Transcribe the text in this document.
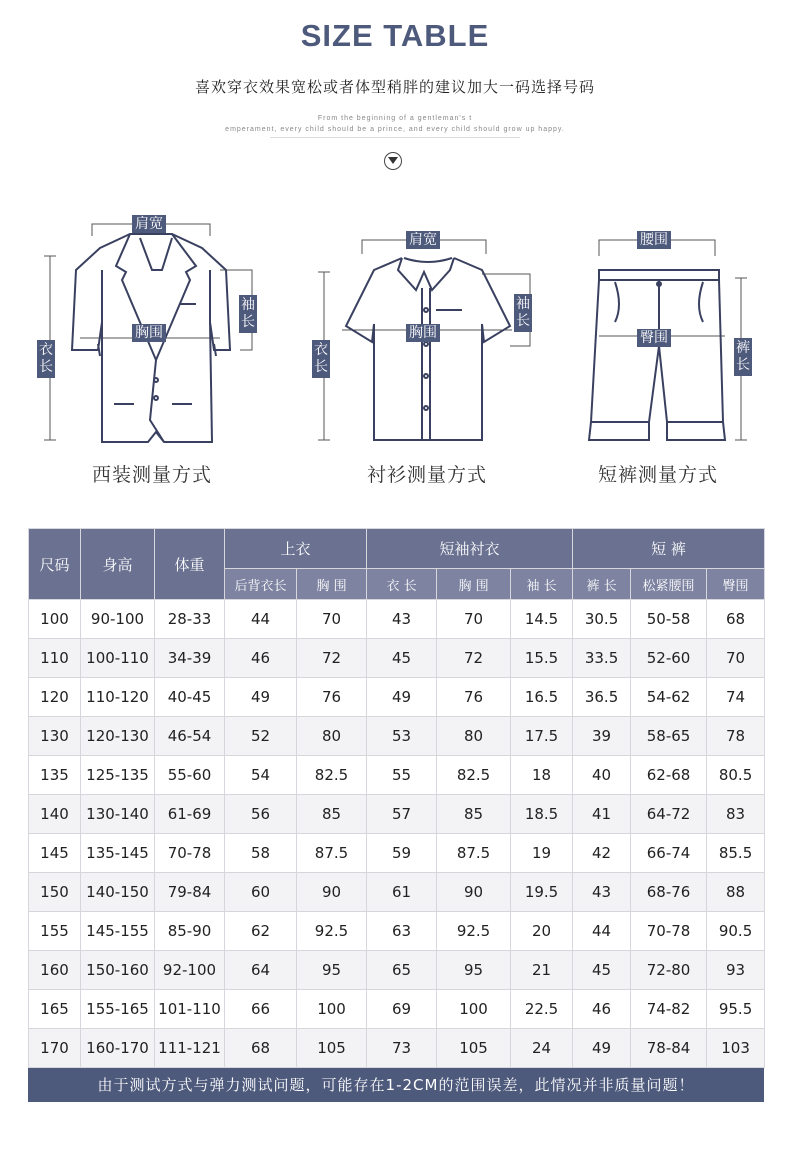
SIZE TABLE
喜欢穿衣效果宽松或者体型稍胖的建议加大一码选择号码
From the beginning of a gentleman's t
emperament, every child should be a prince, and every child should grow up happy.
肩宽
胸围
袖长
衣长
西装测量方式
肩宽
胸围
袖长
衣长
衬衫测量方式
腰围
臀围
裤长
短裤测量方式
尺码	身高	体重	上衣		短袖衬衣			短 裤		
			后背衣长	胸 围	衣 长	胸 围	袖 长	裤 长	松紧腰围	臀围
100	90-100	28-33	44	70	43	70	14.5	30.5	50-58	68
110	100-110	34-39	46	72	45	72	15.5	33.5	52-60	70
120	110-120	40-45	49	76	49	76	16.5	36.5	54-62	74
130	120-130	46-54	52	80	53	80	17.5	39	58-65	78
135	125-135	55-60	54	82.5	55	82.5	18	40	62-68	80.5
140	130-140	61-69	56	85	57	85	18.5	41	64-72	83
145	135-145	70-78	58	87.5	59	87.5	19	42	66-74	85.5
150	140-150	79-84	60	90	61	90	19.5	43	68-76	88
155	145-155	85-90	62	92.5	63	92.5	20	44	70-78	90.5
160	150-160	92-100	64	95	65	95	21	45	72-80	93
165	155-165	101-110	66	100	69	100	22.5	46	74-82	95.5
170	160-170	111-121	68	105	73	105	24	49	78-84	103
由于测试方式与弹力测试问题，可能存在1-2CM的范围误差，此情况并非质量问题！
